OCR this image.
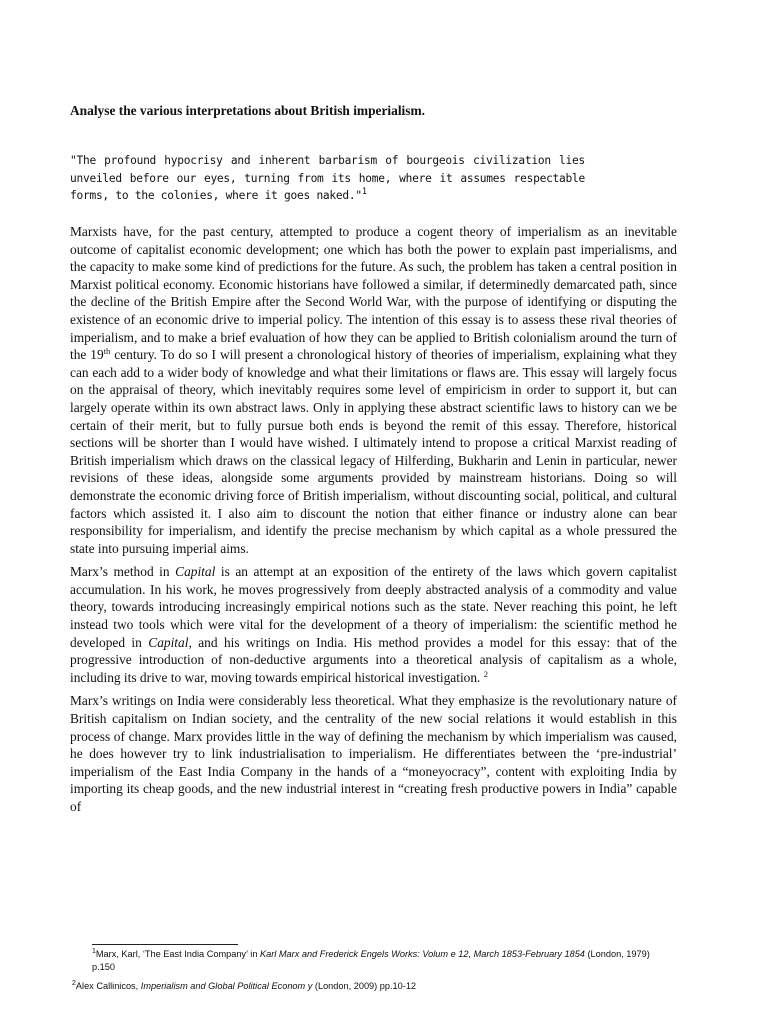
Analyse the various interpretations about British imperialism.
"The profound hypocrisy and inherent barbarism of bourgeois civilization lies unveiled before our eyes, turning from its home, where it assumes respectable forms, to the colonies, where it goes naked."$^1$

Marxists have, for the past century, attempted to produce a cogent theory of imperialism as an inevitable outcome of capitalist economic development; one which has both the power to explain past imperialisms, and the capacity to make some kind of predictions for the future. As such, the problem has taken a central position in Marxist political economy. Economic historians have followed a similar, if determinedly demarcated path, since the decline of the British Empire after the Second World War, with the purpose of identifying or disputing the existence of an economic drive to imperial policy. The intention of this essay is to assess these rival theories of imperialism, and to make a brief evaluation of how they can be applied to British colonialism around the turn of the 19th century. To do so I will present a chronological history of theories of imperialism, explaining what they can each add to a wider body of knowledge and what their limitations or flaws are. This essay will largely focus on the appraisal of theory, which inevitably requires some level of empiricism in order to support it, but can largely operate within its own abstract laws. Only in applying these abstract scientific laws to history can we be certain of their merit, but to fully pursue both ends is beyond the remit of this essay. Therefore, historical sections will be shorter than I would have wished. I ultimately intend to propose a critical Marxist reading of British imperialism which draws on the classical legacy of Hilferding, Bukharin and Lenin in particular, newer revisions of these ideas, alongside some arguments provided by mainstream historians. Doing so will demonstrate the economic driving force of British imperialism, without discounting social, political, and cultural factors which assisted it. I also aim to discount the notion that either finance or industry alone can bear responsibility for imperialism, and identify the precise mechanism by which capital as a whole pressured the state into pursuing imperial aims.

Marx’s method in Capital is an attempt at an exposition of the entirety of the laws which govern capitalist accumulation. In his work, he moves progressively from deeply abstracted analysis of a commodity and value theory, towards introducing increasingly empirical notions such as the state. Never reaching this point, he left instead two tools which were vital for the development of a theory of imperialism: the scientific method he developed in Capital, and his writings on India. His method provides a model for this essay: that of the progressive introduction of non-deductive arguments into a theoretical analysis of capitalism as a whole, including its drive to war, moving towards empirical historical investigation. $^2$

Marx’s writings on India were considerably less theoretical. What they emphasize is the revolutionary nature of British capitalism on Indian society, and the centrality of the new social relations it would establish in this process of change. Marx provides little in the way of defining the mechanism by which imperialism was caused, he does however try to link industrialisation to imperialism. He differentiates between the ‘pre-industrial’ imperialism of the East India Company in the hands of a “moneyocracy”, content with exploiting India by importing its cheap goods, and the new industrial interest in “creating fresh productive powers in India” capable of

$^1$Marx, Karl, ‘The East India Company’ in Karl Marx and Frederick Engels Works: Volum e 12, March 1853-February 1854 (London, 1979) p.150

$^2$Alex Callinicos, Imperialism and Global Political Econom y (London, 2009) pp.10-12
